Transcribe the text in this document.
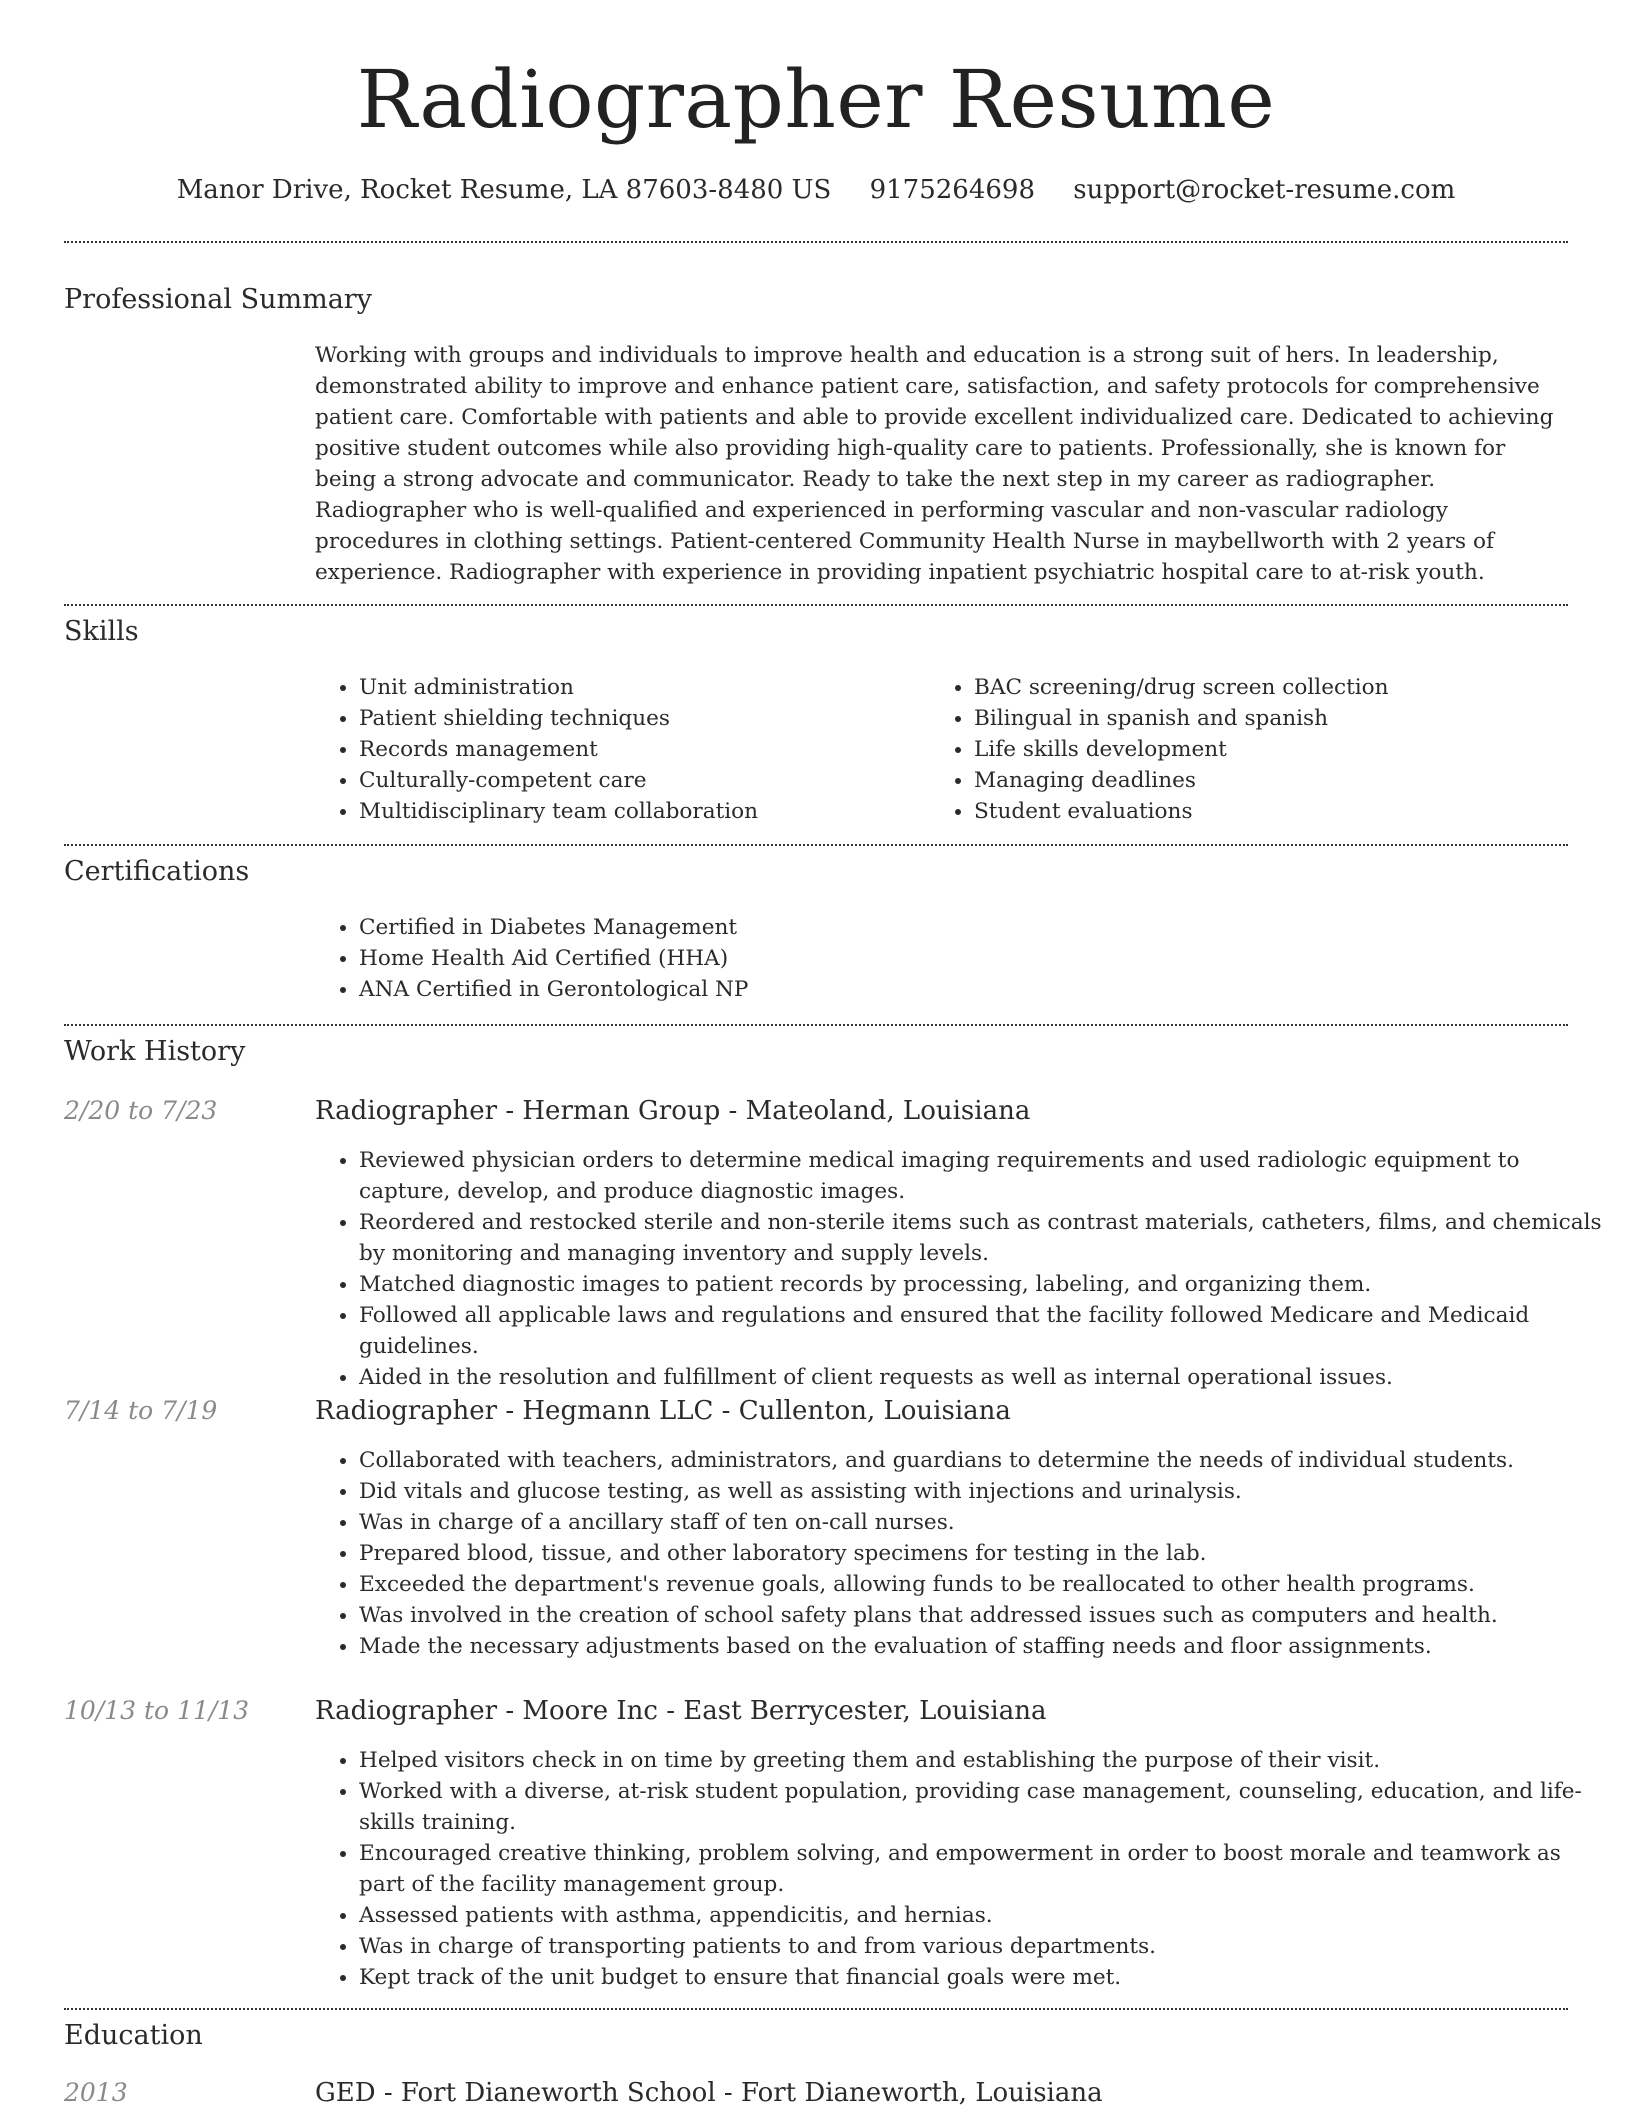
Radiographer Resume
Manor Drive, Rocket Resume, LA 87603-8480 US 9175264698 support@rocket-resume.com
Professional Summary

Working with groups and individuals to improve health and education is a strong suit of hers. In leadership, demonstrated ability to improve and enhance patient care, satisfaction, and safety protocols for comprehensive patient care. Comfortable with patients and able to provide excellent individualized care. Dedicated to achieving positive student outcomes while also providing high-quality care to patients. Professionally, she is known for being a strong advocate and communicator. Ready to take the next step in my career as radiographer. Radiographer who is well-qualified and experienced in performing vascular and non-vascular radiology procedures in clothing settings. Patient-centered Community Health Nurse in maybellworth with 2 years of experience. Radiographer with experience in providing inpatient psychiatric hospital care to at-risk youth.

Skills
• Unit administration
• Patient shielding techniques
• Records management
• Culturally-competent care
• Multidisciplinary team collaboration
• BAC screening/drug screen collection
• Bilingual in spanish and spanish
• Life skills development
• Managing deadlines
• Student evaluations
Certifications
• Certified in Diabetes Management
• Home Health Aid Certified (HHA)
• ANA Certified in Gerontological NP
Work History
2/20 to 7/23	Radiographer - Herman Group - Mateoland, Louisiana
• Reviewed physician orders to determine medical imaging requirements and used radiologic equipment to capture, develop, and produce diagnostic images.
• Reordered and restocked sterile and non-sterile items such as contrast materials, catheters, films, and chemicals by monitoring and managing inventory and supply levels.
• Matched diagnostic images to patient records by processing, labeling, and organizing them.
• Followed all applicable laws and regulations and ensured that the facility followed Medicare and Medicaid guidelines.
• Aided in the resolution and fulfillment of client requests as well as internal operational issues.
7/14 to 7/19	Radiographer - Hegmann LLC - Cullenton, Louisiana
• Collaborated with teachers, administrators, and guardians to determine the needs of individual students.
• Did vitals and glucose testing, as well as assisting with injections and urinalysis.
• Was in charge of a ancillary staff of ten on-call nurses.
• Prepared blood, tissue, and other laboratory specimens for testing in the lab.
• Exceeded the department's revenue goals, allowing funds to be reallocated to other health programs.
• Was involved in the creation of school safety plans that addressed issues such as computers and health.
• Made the necessary adjustments based on the evaluation of staffing needs and floor assignments.
10/13 to 11/13	Radiographer - Moore Inc - East Berrycester, Louisiana
• Helped visitors check in on time by greeting them and establishing the purpose of their visit.
• Worked with a diverse, at-risk student population, providing case management, counseling, education, and life-skills training.
• Encouraged creative thinking, problem solving, and empowerment in order to boost morale and teamwork as part of the facility management group.
• Assessed patients with asthma, appendicitis, and hernias.
• Was in charge of transporting patients to and from various departments.
• Kept track of the unit budget to ensure that financial goals were met.
Education
2013	GED - Fort Dianeworth School - Fort Dianeworth, Louisiana
